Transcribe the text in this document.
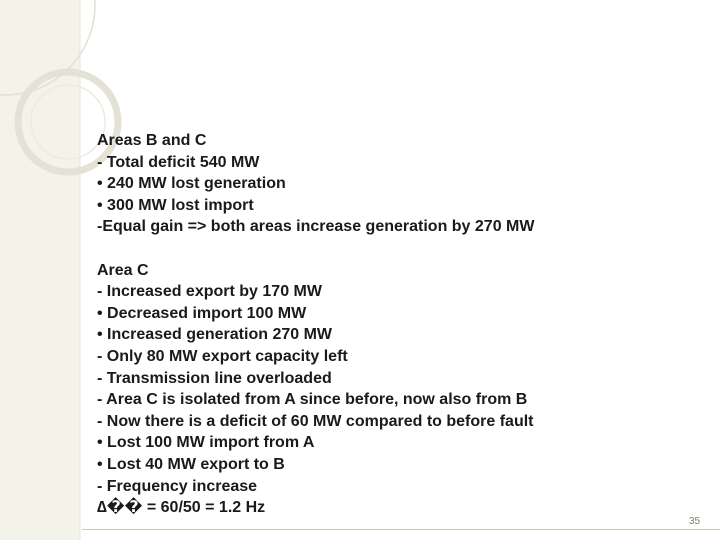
Areas B and C
- Total deficit 540 MW
• 240 MW lost generation
• 300 MW lost import
-Equal gain => both areas increase generation by 270 MW
Area C
- Increased export by 170 MW
• Decreased import 100 MW
• Increased generation 270 MW
- Only 80 MW export capacity left
- Transmission line overloaded
- Area C is isolated from A since before, now also from B
- Now there is a deficit of 60 MW compared to before fault
• Lost 100 MW import from A
• Lost 40 MW export to B
- Frequency increase
∆�� = 60/50 = 1.2 Hz
35
